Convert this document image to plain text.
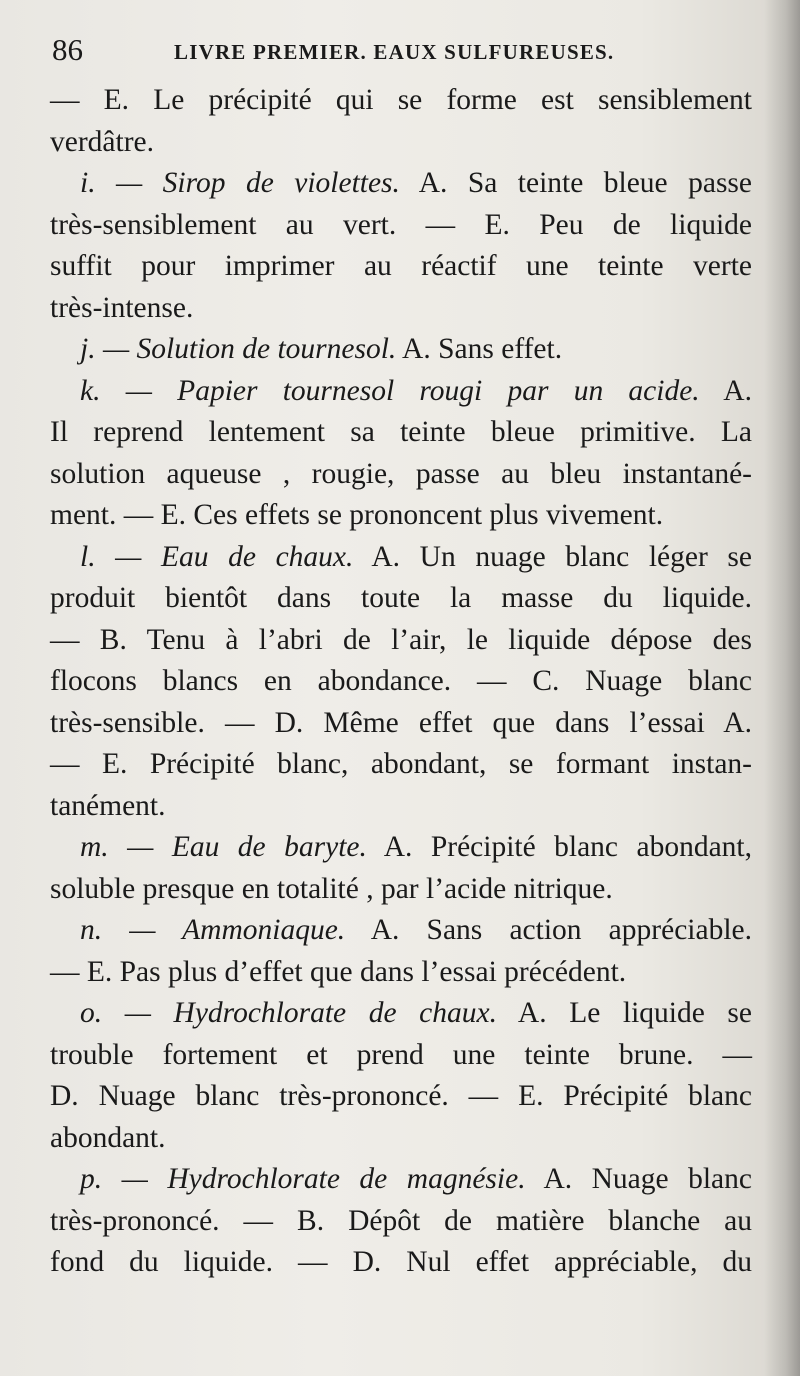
86	LIVRE PREMIER. EAUX SULFUREUSES.
— E. Le précipité qui se forme est sensiblement
verdâtre.
i. — Sirop de violettes. A. Sa teinte bleue passe
très-sensiblement au vert. — E. Peu de liquide
suffit pour imprimer au réactif une teinte verte
très-intense.
j. — Solution de tournesol. A. Sans effet.
k. — Papier tournesol rougi par un acide. A.
Il reprend lentement sa teinte bleue primitive. La
solution aqueuse , rougie, passe au bleu instantané-
ment. — E. Ces effets se prononcent plus vivement.
l. — Eau de chaux. A. Un nuage blanc léger se
produit bientôt dans toute la masse du liquide.
— B. Tenu à l’abri de l’air, le liquide dépose des
flocons blancs en abondance. — C. Nuage blanc
très-sensible. — D. Même effet que dans l’essai A.
— E. Précipité blanc, abondant, se formant instan-
tanément.
m. — Eau de baryte. A. Précipité blanc abondant,
soluble presque en totalité , par l’acide nitrique.
n. — Ammoniaque. A. Sans action appréciable.
— E. Pas plus d’effet que dans l’essai précédent.
o. — Hydrochlorate de chaux. A. Le liquide se
trouble fortement et prend une teinte brune. —
D. Nuage blanc très-prononcé. — E. Précipité blanc
abondant.
p. — Hydrochlorate de magnésie. A. Nuage blanc
très-prononcé. — B. Dépôt de matière blanche au
fond du liquide. — D. Nul effet appréciable, du
